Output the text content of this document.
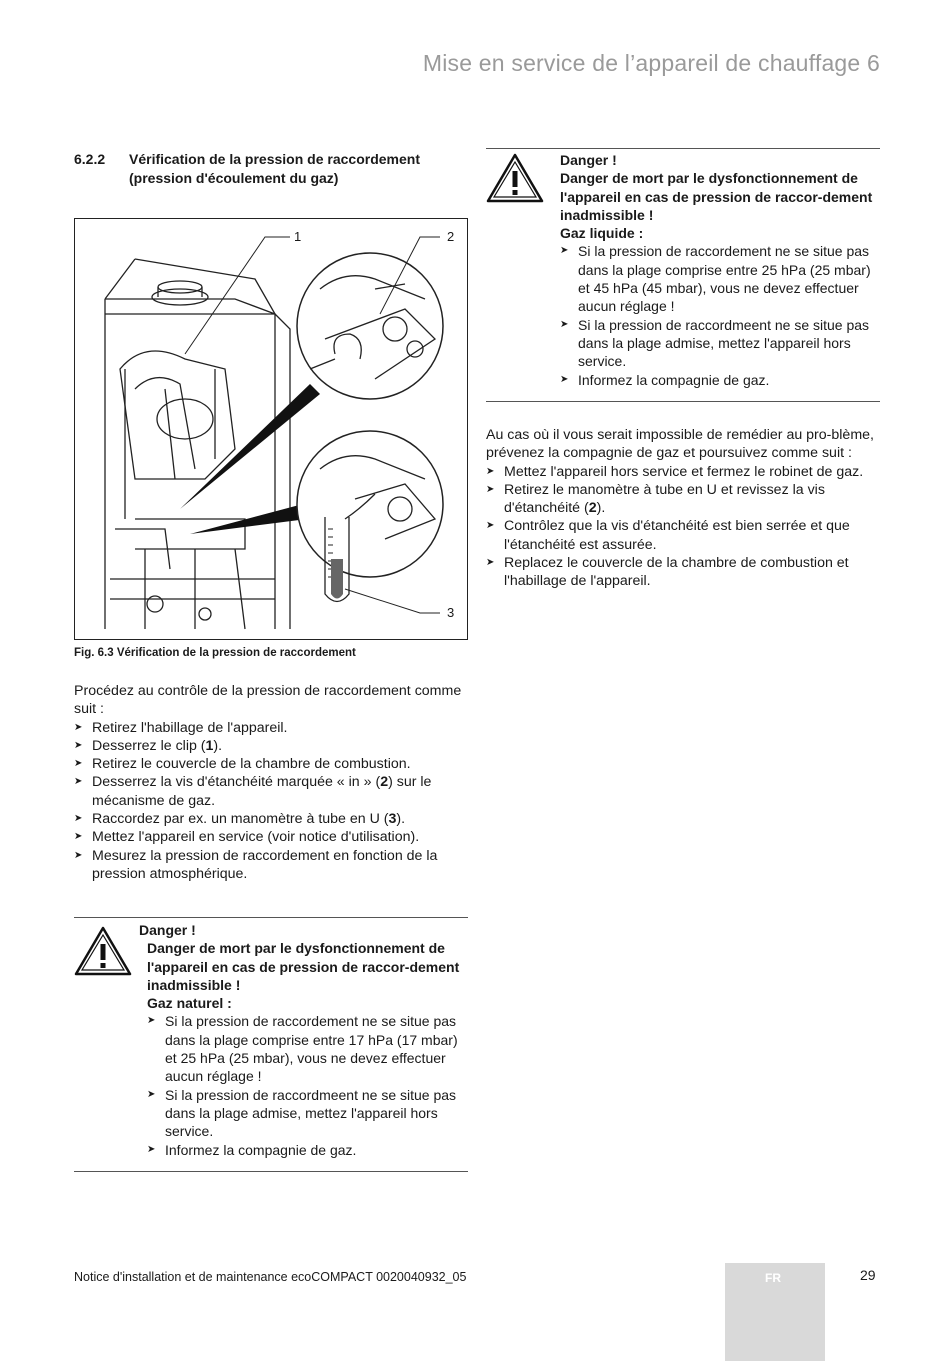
Mise en service de l’appareil de chauffage 6
6.2.2 Vérification de la pression de raccordement (pression d'écoulement du gaz)
1	2
3
Fig. 6.3 Vérification de la pression de raccordement
Procédez au contrôle de la pression de raccordement comme suit :
➤ Retirez l'habillage de l'appareil.
➤ Desserrez le clip (1).
➤ Retirez le couvercle de la chambre de combustion.
➤ Desserrez la vis d'étanchéité marquée « in » (2) sur le mécanisme de gaz.
➤ Raccordez par ex. un manomètre à tube en U (3).
➤ Mettez l'appareil en service (voir notice d'utilisation).
➤ Mesurez la pression de raccordement en fonction de la pression atmosphérique.
Danger !
Danger de mort par le dysfonctionnement de l'appareil en cas de pression de raccor-dement inadmissible !
Gaz naturel :
➤ Si la pression de raccordement ne se situe pas dans la plage comprise entre 17 hPa (17 mbar) et 25 hPa (25 mbar), vous ne devez effectuer aucun réglage !
➤ Si la pression de raccordmeent ne se situe pas dans la plage admise, mettez l'appareil hors service.
➤ Informez la compagnie de gaz.
Danger !
Danger de mort par le dysfonctionnement de l'appareil en cas de pression de raccor-dement inadmissible !
Gaz liquide :
➤ Si la pression de raccordement ne se situe pas dans la plage comprise entre 25 hPa (25 mbar) et 45 hPa (45 mbar), vous ne devez effectuer aucun réglage !
➤ Si la pression de raccordmeent ne se situe pas dans la plage admise, mettez l'appareil hors service.
➤ Informez la compagnie de gaz.
Au cas où il vous serait impossible de remédier au pro-blème, prévenez la compagnie de gaz et poursuivez comme suit :
➤ Mettez l'appareil hors service et fermez le robinet de gaz.
➤ Retirez le manomètre à tube en U et revissez la vis d'étanchéité (2).
➤ Contrôlez que la vis d'étanchéité est bien serrée et que l'étanchéité est assurée.
➤ Replacez le couvercle de la chambre de combustion et l'habillage de l'appareil.
Notice d'installation et de maintenance ecoCOMPACT 0020040932_05	FR	29
